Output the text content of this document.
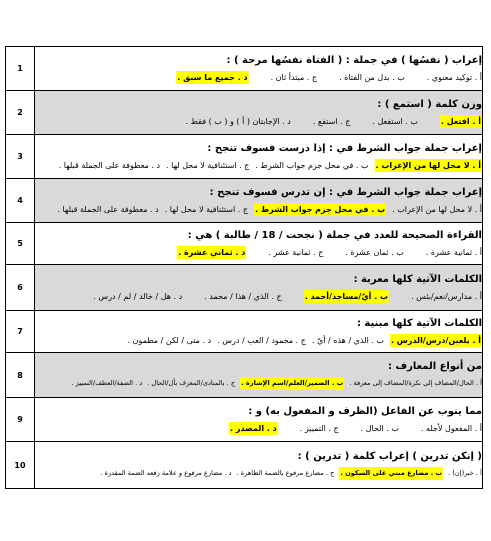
إعراب ( نفسُها ) في جملة : ( الفتاة نفسُها مرحة ) :
أ . توكيد معنوي .ب . بدل من الفتاة .ج . مبتدأ ثان .د . جميع ما سبق .	1

وزن كلمة ( استمع ) :
أ . افتعل .ب . استفعل .ج . استفع .د . الإجابتان ( أ ) و ( ب ) فقط .	2

إعراب جملة جواب الشرط في : إذا درست فسوف تنجح :
أ . لا محل لها من الإعراب .ب . في محل جزم جواب الشرط .ج . استئنافية لا محل لها .د . معطوفة على الجملة قبلها .	3

إعراب جملة جواب الشرط في : إن تدرس فسوف تنجح :
أ . لا محل لها من الإعراب .ب . في محل جزم جواب الشرط .ج . استئنافية لا محل لها .د . معطوفة على الجملة قبلها .	4

القراءة الصحيحة للعدد في جملة ( نجحت / 18 / طالبة ) هي :
أ . ثمانية عشرة .ب . ثمان عشرة .ج . ثمانية عشر .د . ثماني عشرة .	5

الكلمات الآتية كلها معربة :
أ . مدارس/نعم/بئس .ب . أيّ/مساجد/أحمد .ج . الذي / هذا / محمد .د . هل / خالد / لم / درس .	6

الكلمات الآتية كلها مبنية :
أ . يلعبن/درس/الدرس .ب . الذي / هذه / أيّ .ج . محمود / العب / درس .د . متى / لكن / مطمون .	7

من أنواع المعارف :
أ . الحال/المضاف إلى نكرة/المضاف إلى معرفة .ب . الضمير/العلم/اسم الإشارة .ج . بالمنادى/المعرف بأل/الحال .د . الصفة/العطف/التمييز .	8

مما ينوب عن الفاعل (الظرف و المفعول به) و :
أ . المفعول لأجله .ب . الحال .ج . التمييز .د . المصدر .	9

( إنكن تدرين ) إعراب كلمة ( تدرين ) :
أ . خبر(إن) .ب . مضارع مبني على السكون .ج . مضارع مرفوع بالضمة الظاهرة .د . مضارع مرفوع و علامة رفعه الضمة المقدرة .	10
